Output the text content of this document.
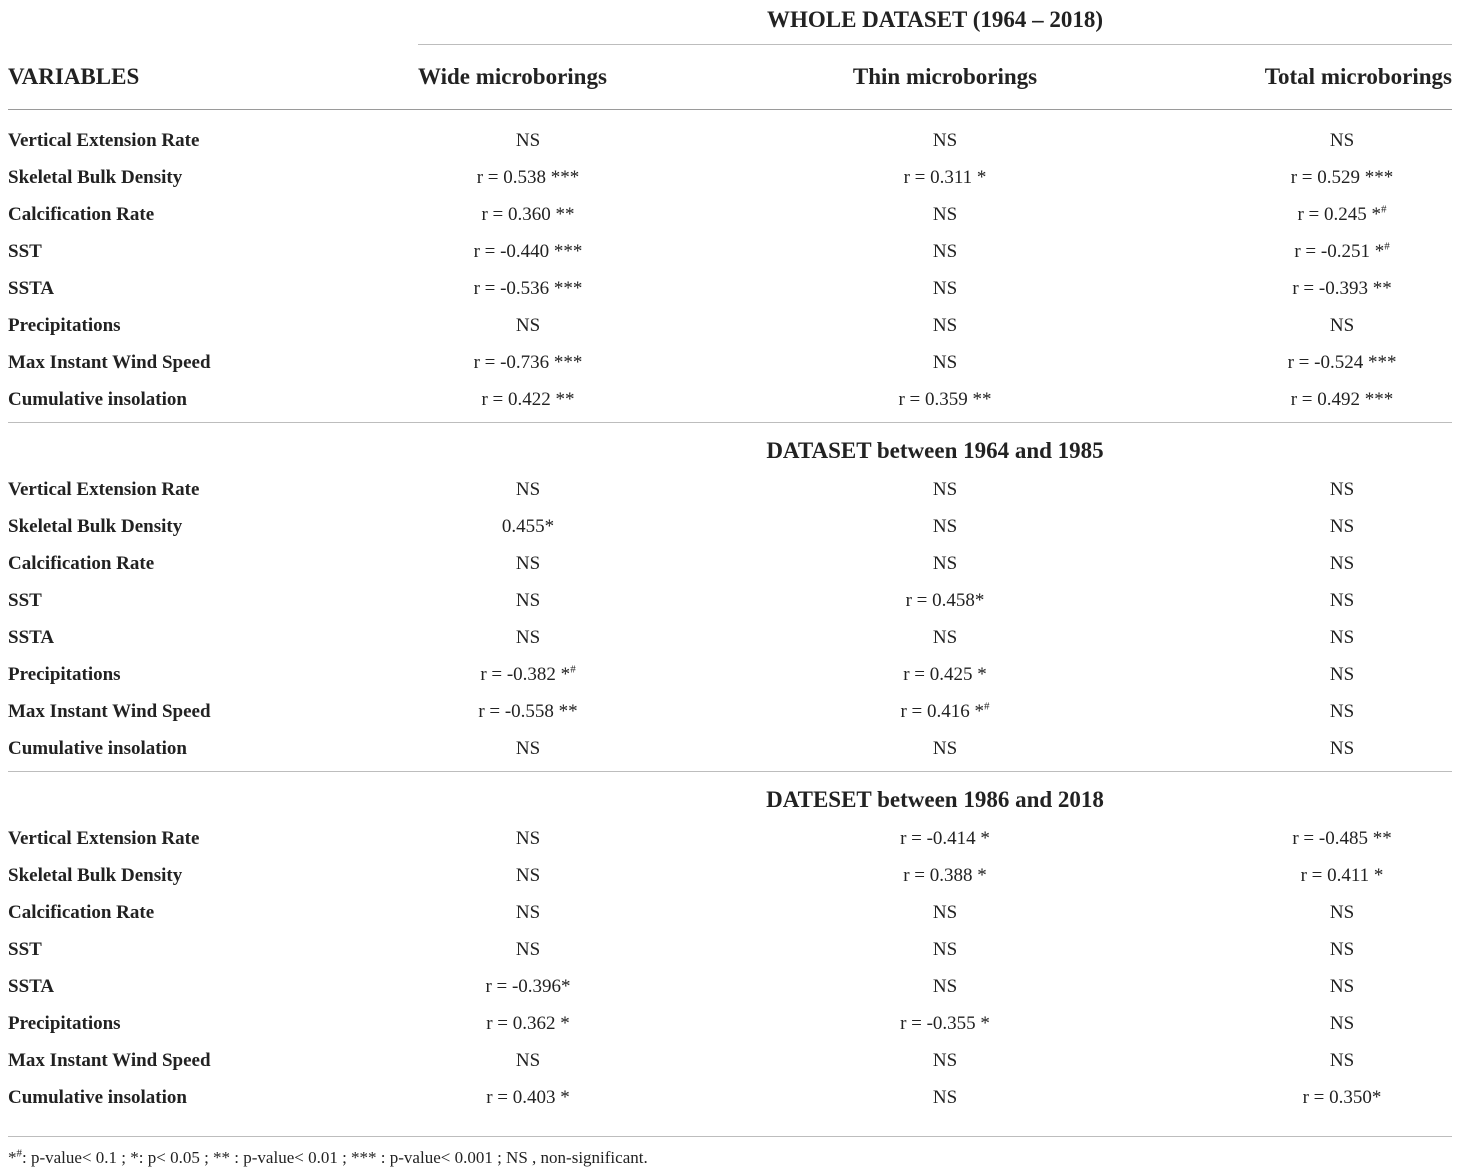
	WHOLE DATASET (1964 – 2018)		
VARIABLES	Wide microborings	Thin microborings	Total microborings

Vertical Extension Rate	NS	NS	NS
Skeletal Bulk Density	r = 0.538 ***	r = 0.311 *	r = 0.529 ***
Calcification Rate	r = 0.360 **	NS	r = 0.245 *#
SST	r = -0.440 ***	NS	r = -0.251 *#
SSTA	r = -0.536 ***	NS	r = -0.393 **
Precipitations	NS	NS	NS
Max Instant Wind Speed	r = -0.736 ***	NS	r = -0.524 ***
Cumulative insolation	r = 0.422 **	r = 0.359 **	r = 0.492 ***
	DATASET between 1964 and 1985		
Vertical Extension Rate	NS	NS	NS
Skeletal Bulk Density	0.455*	NS	NS
Calcification Rate	NS	NS	NS
SST	NS	r = 0.458*	NS
SSTA	NS	NS	NS
Precipitations	r = -0.382 *#	r = 0.425 *	NS
Max Instant Wind Speed	r = -0.558 **	r = 0.416 *#	NS
Cumulative insolation	NS	NS	NS
	DATESET between 1986 and 2018		
Vertical Extension Rate	NS	r = -0.414 *	r = -0.485 **
Skeletal Bulk Density	NS	r = 0.388 *	r = 0.411 *
Calcification Rate	NS	NS	NS
SST	NS	NS	NS
SSTA	r = -0.396*	NS	NS
Precipitations	r = 0.362 *	r = -0.355 *	NS
Max Instant Wind Speed	NS	NS	NS
Cumulative insolation	r = 0.403 *	NS	r = 0.350*
*#: p-value< 0.1 ; *: p< 0.05 ; ** : p-value< 0.01 ; *** : p-value< 0.001 ; NS , non-significant.
